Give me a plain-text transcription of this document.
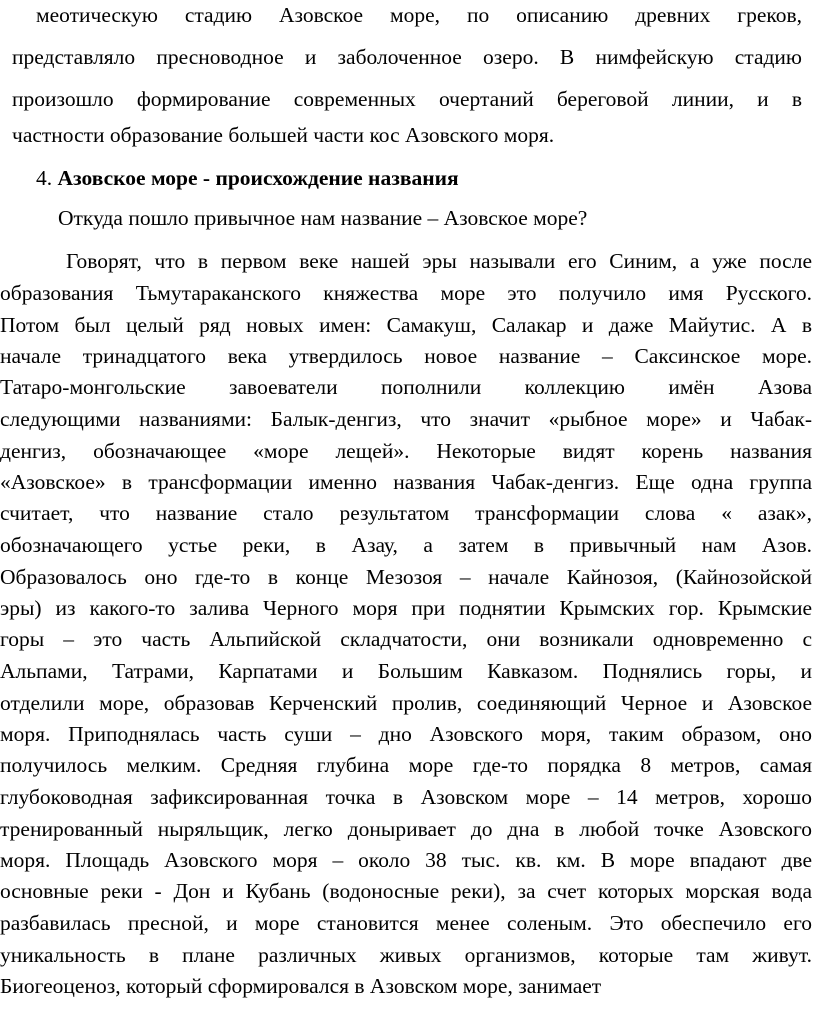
меотическую стадию Азовское море, по описанию древних греков,

представляло пресноводное и заболоченное озеро. В нимфейскую стадию

произошло формирование современных очертаний береговой линии, и в

частности образование большей части кос Азовского моря.

4. Азовское море - происхождение названия

Откуда пошло привычное нам название – Азовское море?

Говорят, что в первом веке нашей эры называли его Синим, а уже после

образования Тьмутараканского княжества море это получило имя Русского.

Потом был целый ряд новых имен: Самакуш, Салакар и даже Майутис. А в

начале тринадцатого века утвердилось новое название – Саксинское море.

Татаро-монгольские завоеватели пополнили коллекцию имён Азова

следующими названиями: Балык-денгиз, что значит «рыбное море» и Чабак-

денгиз, обозначающее «море лещей». Некоторые видят корень названия

«Азовское» в трансформации именно названия Чабак-денгиз. Еще одна группа

считает, что название стало результатом трансформации слова « азак»,

обозначающего устье реки, в Азау, а затем в привычный нам Азов.

Образовалось оно где-то в конце Мезозоя – начале Кайнозоя, (Кайнозойской

эры) из какого-то залива Черного моря при поднятии Крымских гор. Крымские

горы – это часть Альпийской складчатости, они возникали одновременно с

Альпами, Татрами, Карпатами и Большим Кавказом. Поднялись горы, и

отделили море, образовав Керченский пролив, соединяющий Черное и Азовское

моря. Приподнялась часть суши – дно Азовского моря, таким образом, оно

получилось мелким. Средняя глубина море где-то порядка 8 метров, самая

глубоководная зафиксированная точка в Азовском море – 14 метров, хорошо

тренированный ныряльщик, легко доныривает до дна в любой точке Азовского

моря. Площадь Азовского моря – около 38 тыс. кв. км. В море впадают две

основные реки - Дон и Кубань (водоносные реки), за счет которых морская вода

разбавилась пресной, и море становится менее соленым. Это обеспечило его

уникальность в плане различных живых организмов, которые там живут.

Биогеоценоз, который сформировался в Азовском море, занимает
